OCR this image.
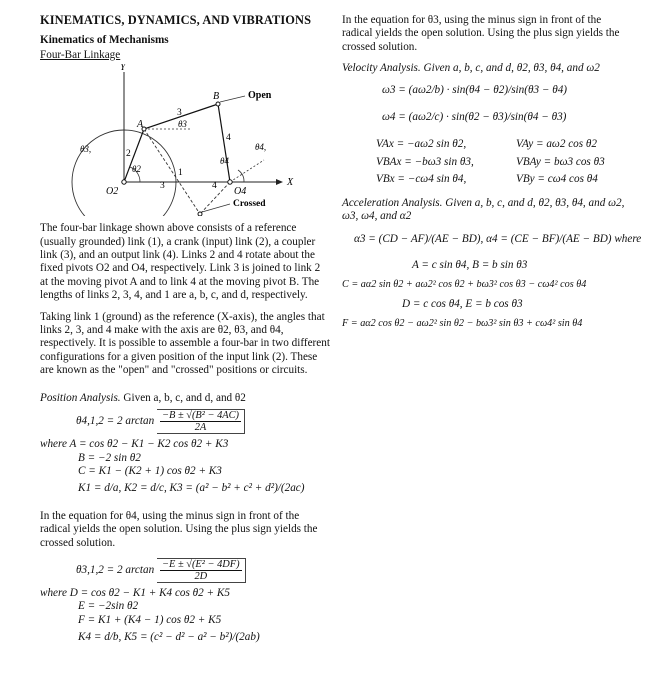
KINEMATICS, DYNAMICS, AND VIBRATIONS
Kinematics of Mechanisms

Four-Bar Linkage

Y
X
B	Open
Crossed
A
O2	O4
1
2
3
4
3	4
θ3
θ2
θ4
θ3,	θ4,

The four-bar linkage shown above consists of a reference (usually grounded) link (1), a crank (input) link (2), a coupler link (3), and an output link (4). Links 2 and 4 rotate about the fixed pivots O2 and O4, respectively. Link 3 is joined to link 2 at the moving pivot A and to link 4 at the moving pivot B. The lengths of links 2, 3, 4, and 1 are a, b, c, and d, respectively.

Taking link 1 (ground) as the reference (X-axis), the angles that links 2, 3, and 4 make with the axis are θ2, θ3, and θ4, respectively. It is possible to assemble a four-bar in two different configurations for a given position of the input link (2). These are known as the "open" and "crossed" positions or circuits.

Position Analysis. Given a, b, c, and d, and θ2

θ4,1,2 = 2 $\arctan \frac{\text{−B ± √(B² − 4AC)}}{2A}$

where A = cos θ2 − K1 − K2 cos θ2 + K3

B = −2 sin θ2

C = K1 − (K2 + 1) cos θ2 + K3

K1 = d/a, K2 = d/c, K3 = (a² − b² + c² + d²)/(2ac)

In the equation for θ4, using the minus sign in front of the radical yields the open solution. Using the plus sign yields the crossed solution.

θ3,1,2 = 2 $\arctan \frac{\text{−E ± √(E² − 4DF)}}{2D}$

where D = cos θ2 − K1 + K4 cos θ2 + K5

E = −2sin θ2

F = K1 + (K4 − 1) cos θ2 + K5

K4 = d/b, K5 = (c² − d² − a² − b²)/(2ab)

In the equation for θ3, using the minus sign in front of the radical yields the open solution. Using the plus sign yields the crossed solution.

Velocity Analysis. Given a, b, c, and d, θ2, θ3, θ4, and ω2

ω3 = (aω2/b) · sin(θ4 − θ2)/sin(θ3 − θ4)

ω4 = (aω2/c) · sin(θ2 − θ3)/sin(θ4 − θ3)

VAx = −aω2 sin θ2,	VAy = aω2 cos θ2
VBAx = −bω3 sin θ3,	VBAy = bω3 cos θ3
VBx = −cω4 sin θ4,	VBy = cω4 cos θ4

Acceleration Analysis. Given a, b, c, and d, θ2, θ3, θ4, and ω2, ω3, ω4, and α2

α3 = (CD − AF)/(AE − BD), α4 = (CE − BF)/(AE − BD) where

A = c sin θ4, B = b sin θ3

C = aα2 sin θ2 + aω2² cos θ2 + bω3² cos θ3 − cω4² cos θ4

D = c cos θ4, E = b cos θ3

F = aα2 cos θ2 − aω2² sin θ2 − bω3² sin θ3 + cω4² sin θ4
